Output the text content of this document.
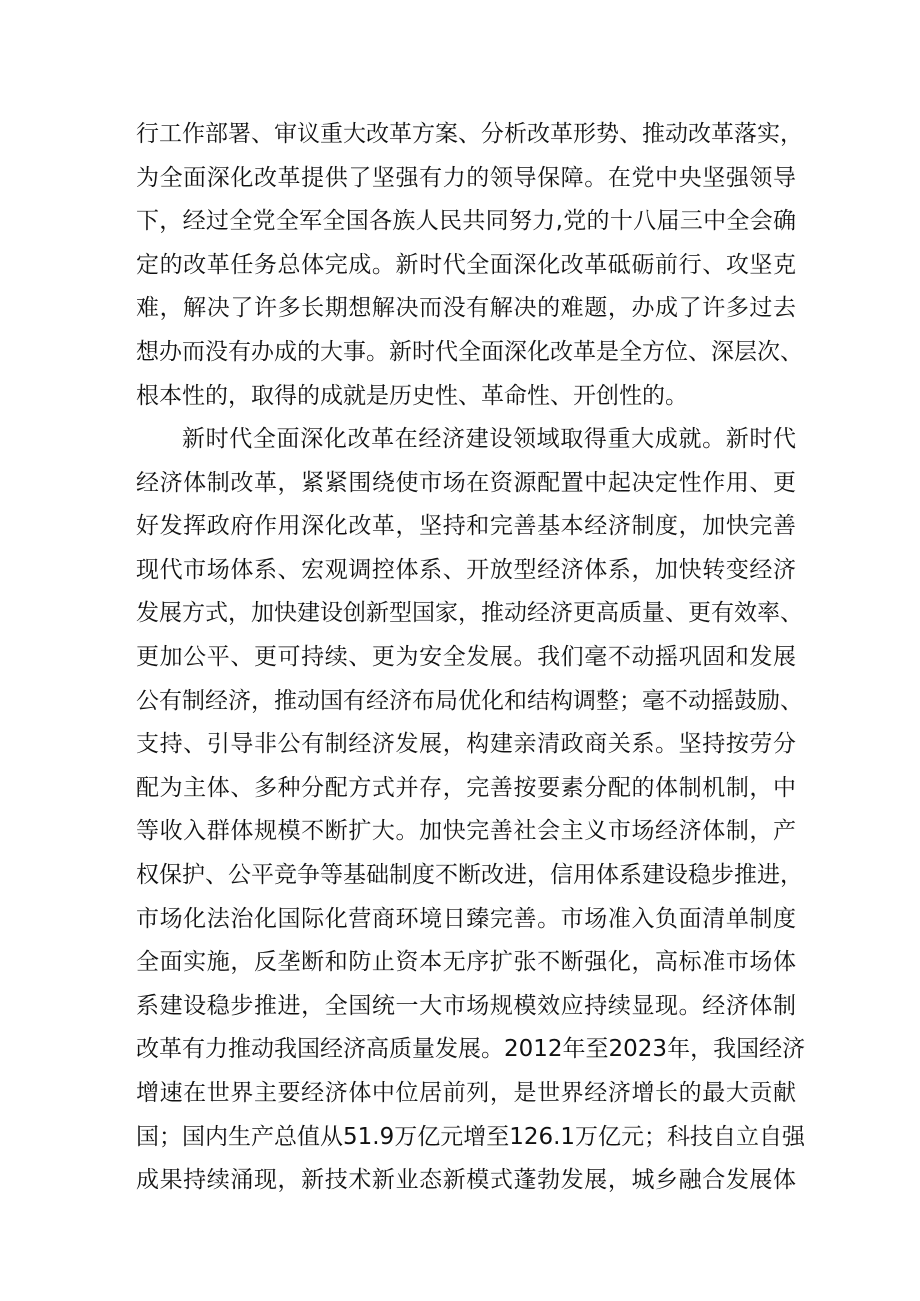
行工作部署、审议重大改革方案、分析改革形势、推动改革落实，
为全面深化改革提供了坚强有力的领导保障。在党中央坚强领导
下，经过全党全军全国各族人民共同努力,党的十八届三中全会确
定的改革任务总体完成。新时代全面深化改革砥砺前行、攻坚克
难，解决了许多长期想解决而没有解决的难题，办成了许多过去
想办而没有办成的大事。新时代全面深化改革是全方位、深层次、
根本性的，取得的成就是历史性、革命性、开创性的。
新时代全面深化改革在经济建设领域取得重大成就。新时代
经济体制改革，紧紧围绕使市场在资源配置中起决定性作用、更
好发挥政府作用深化改革，坚持和完善基本经济制度，加快完善
现代市场体系、宏观调控体系、开放型经济体系，加快转变经济
发展方式，加快建设创新型国家，推动经济更高质量、更有效率、
更加公平、更可持续、更为安全发展。我们毫不动摇巩固和发展
公有制经济，推动国有经济布局优化和结构调整；毫不动摇鼓励、
支持、引导非公有制经济发展，构建亲清政商关系。坚持按劳分
配为主体、多种分配方式并存，完善按要素分配的体制机制，中
等收入群体规模不断扩大。加快完善社会主义市场经济体制，产
权保护、公平竞争等基础制度不断改进，信用体系建设稳步推进，
市场化法治化国际化营商环境日臻完善。市场准入负面清单制度
全面实施，反垄断和防止资本无序扩张不断强化，高标准市场体
系建设稳步推进，全国统一大市场规模效应持续显现。经济体制
改革有力推动我国经济高质量发展。2012年至2023年，我国经济
增速在世界主要经济体中位居前列，是世界经济增长的最大贡献
国；国内生产总值从51.9万亿元增至126.1万亿元；科技自立自强
成果持续涌现，新技术新业态新模式蓬勃发展，城乡融合发展体
